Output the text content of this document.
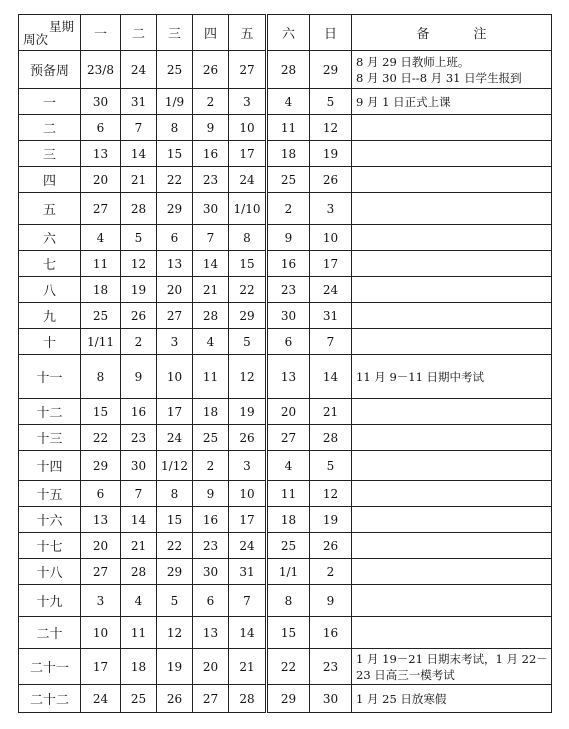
星期
周次	一	二	三	四	五	六	日	备 注
预备周	23/8	24	25	26	27	28	29	8 月 29 日教师上班。
8 月 30 日--8 月 31 日学生报到

一	30	31	1/9	2	3	4	5	9 月 1 日正式上课

二	6	7	8	9	10	11	12	
三	13	14	15	16	17	18	19	
四	20	21	22	23	24	25	26	
五	27	28	29	30	1/10	2	3	
六	4	5	6	7	8	9	10	
七	11	12	13	14	15	16	17	
八	18	19	20	21	22	23	24	
九	25	26	27	28	29	30	31	
十	1/11	2	3	4	5	6	7	
十一	8	9	10	11	12	13	14	11 月 9－11 日期中考试

十二	15	16	17	18	19	20	21	
十三	22	23	24	25	26	27	28	
十四	29	30	1/12	2	3	4	5	
十五	6	7	8	9	10	11	12	
十六	13	14	15	16	17	18	19	
十七	20	21	22	23	24	25	26	
十八	27	28	29	30	31	1/1	2	
十九	3	4	5	6	7	8	9	
二十	10	11	12	13	14	15	16	
二十一	17	18	19	20	21	22	23	1 月 19－21 日期末考试，1 月 22－
23 日高三一模考试

二十二	24	25	26	27	28	29	30	1 月 25 日放寒假
